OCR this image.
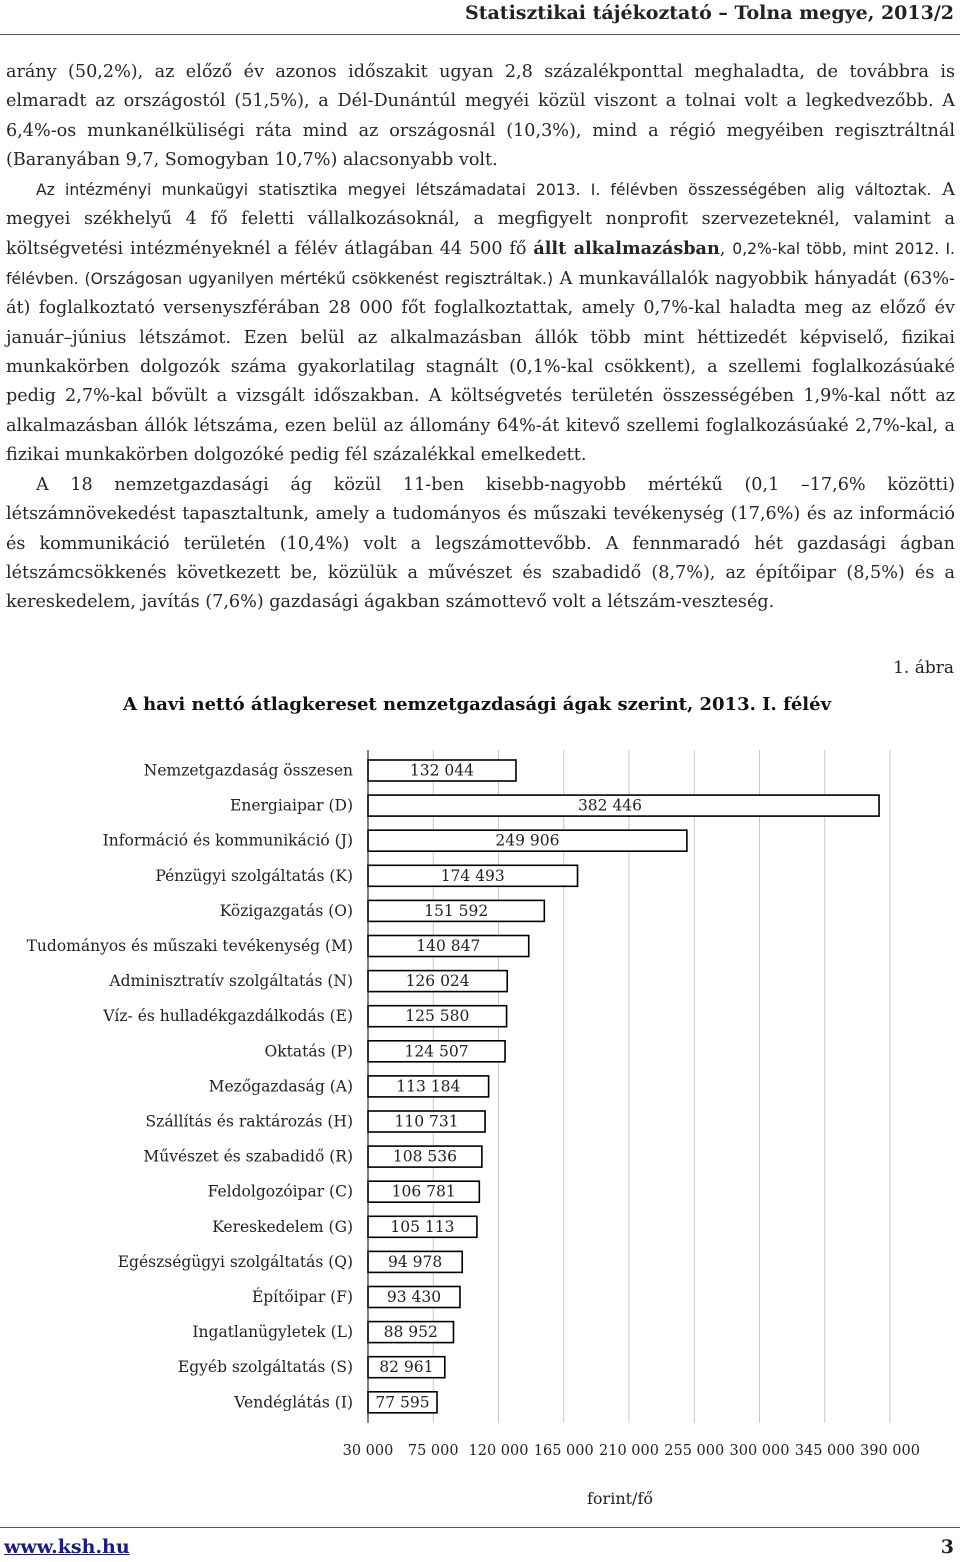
Statisztikai tájékoztató – Tolna megye, 2013/2

arány (50,2%), az előző év azonos időszakit ugyan 2,8 százalékponttal meghaladta, de továbbra is elmaradt az országostól (51,5%), a Dél-Dunántúl megyéi közül viszont a tolnai volt a legkedvezőbb. A 6,4%-os munkanélküliségi ráta mind az országosnál (10,3%), mind a régió megyéiben regisztráltnál (Baranyában 9,7, Somogyban 10,7%) alacsonyabb volt.

Az intézményi munkaügyi statisztika megyei létszámadatai 2013. I. félévben összességében alig változtak. A megyei székhelyű 4 fő feletti vállalkozásoknál, a megfigyelt nonprofit szervezeteknél, valamint a költségvetési intézményeknél a félév átlagában 44 500 fő állt alkalmazásban, 0,2%-kal több, mint 2012. I. félévben. (Országosan ugyanilyen mértékű csökkenést regisztráltak.) A munkavállalók nagyobbik hányadát (63%-át) foglalkoztató versenyszférában 28 000 főt foglalkoztattak, amely 0,7%-kal haladta meg az előző év január–június létszámot. Ezen belül az alkalmazásban állók több mint héttizedét képviselő, fizikai munkakörben dolgozók száma gyakorlatilag stagnált (0,1%-kal csökkent), a szellemi foglalkozásúaké pedig 2,7%-kal bővült a vizsgált időszakban. A költségvetés területén összességében 1,9%-kal nőtt az alkalmazásban állók létszáma, ezen belül az állomány 64%-át kitevő szellemi foglalkozásúaké 2,7%-kal, a fizikai munkakörben dolgozóké pedig fél százalékkal emelkedett.

A 18 nemzetgazdasági ág közül 11-ben kisebb-nagyobb mértékű (0,1 –17,6% közötti) létszámnövekedést tapasztaltunk, amely a tudományos és műszaki tevékenység (17,6%) és az információ és kommunikáció területén (10,4%) volt a legszámottevőbb. A fennmaradó hét gazdasági ágban létszámcsökkenés következett be, közülük a művészet és szabadidő (8,7%), az építőipar (8,5%) és a kereskedelem, javítás (7,6%) gazdasági ágakban számottevő volt a létszám-veszteség.

1. ábra
A havi nettó átlagkereset nemzetgazdasági ágak szerint, 2013. I. félév
Nemzetgazdaság összesen	132 044
Energiaipar (D)	382 446
Információ és kommunikáció (J)	249 906
Pénzügyi szolgáltatás (K)	174 493
Közigazgatás (O)	151 592
Tudományos és műszaki tevékenység (M)	140 847
Adminisztratív szolgáltatás (N)	126 024
Víz- és hulladékgazdálkodás (E)	125 580
Oktatás (P)	124 507
Mezőgazdaság (A)	113 184
Szállítás és raktározás (H)	110 731
Művészet és szabadidő (R)	108 536
Feldolgozóipar (C) 106 781
Kereskedelem (G) 105 113
Egészségügyi szolgáltatás (Q) 94 978
Építőipar (F) 93 430
Ingatlanügyletek (L) 88 952
Egyéb szolgáltatás (S) 82 961
Vendéglátás (I) 77 595
30 000 75 000 120 000 165 000 210 000 255 000 300 000 345 000 390 000
forint/fő
www.ksh.hu	3
